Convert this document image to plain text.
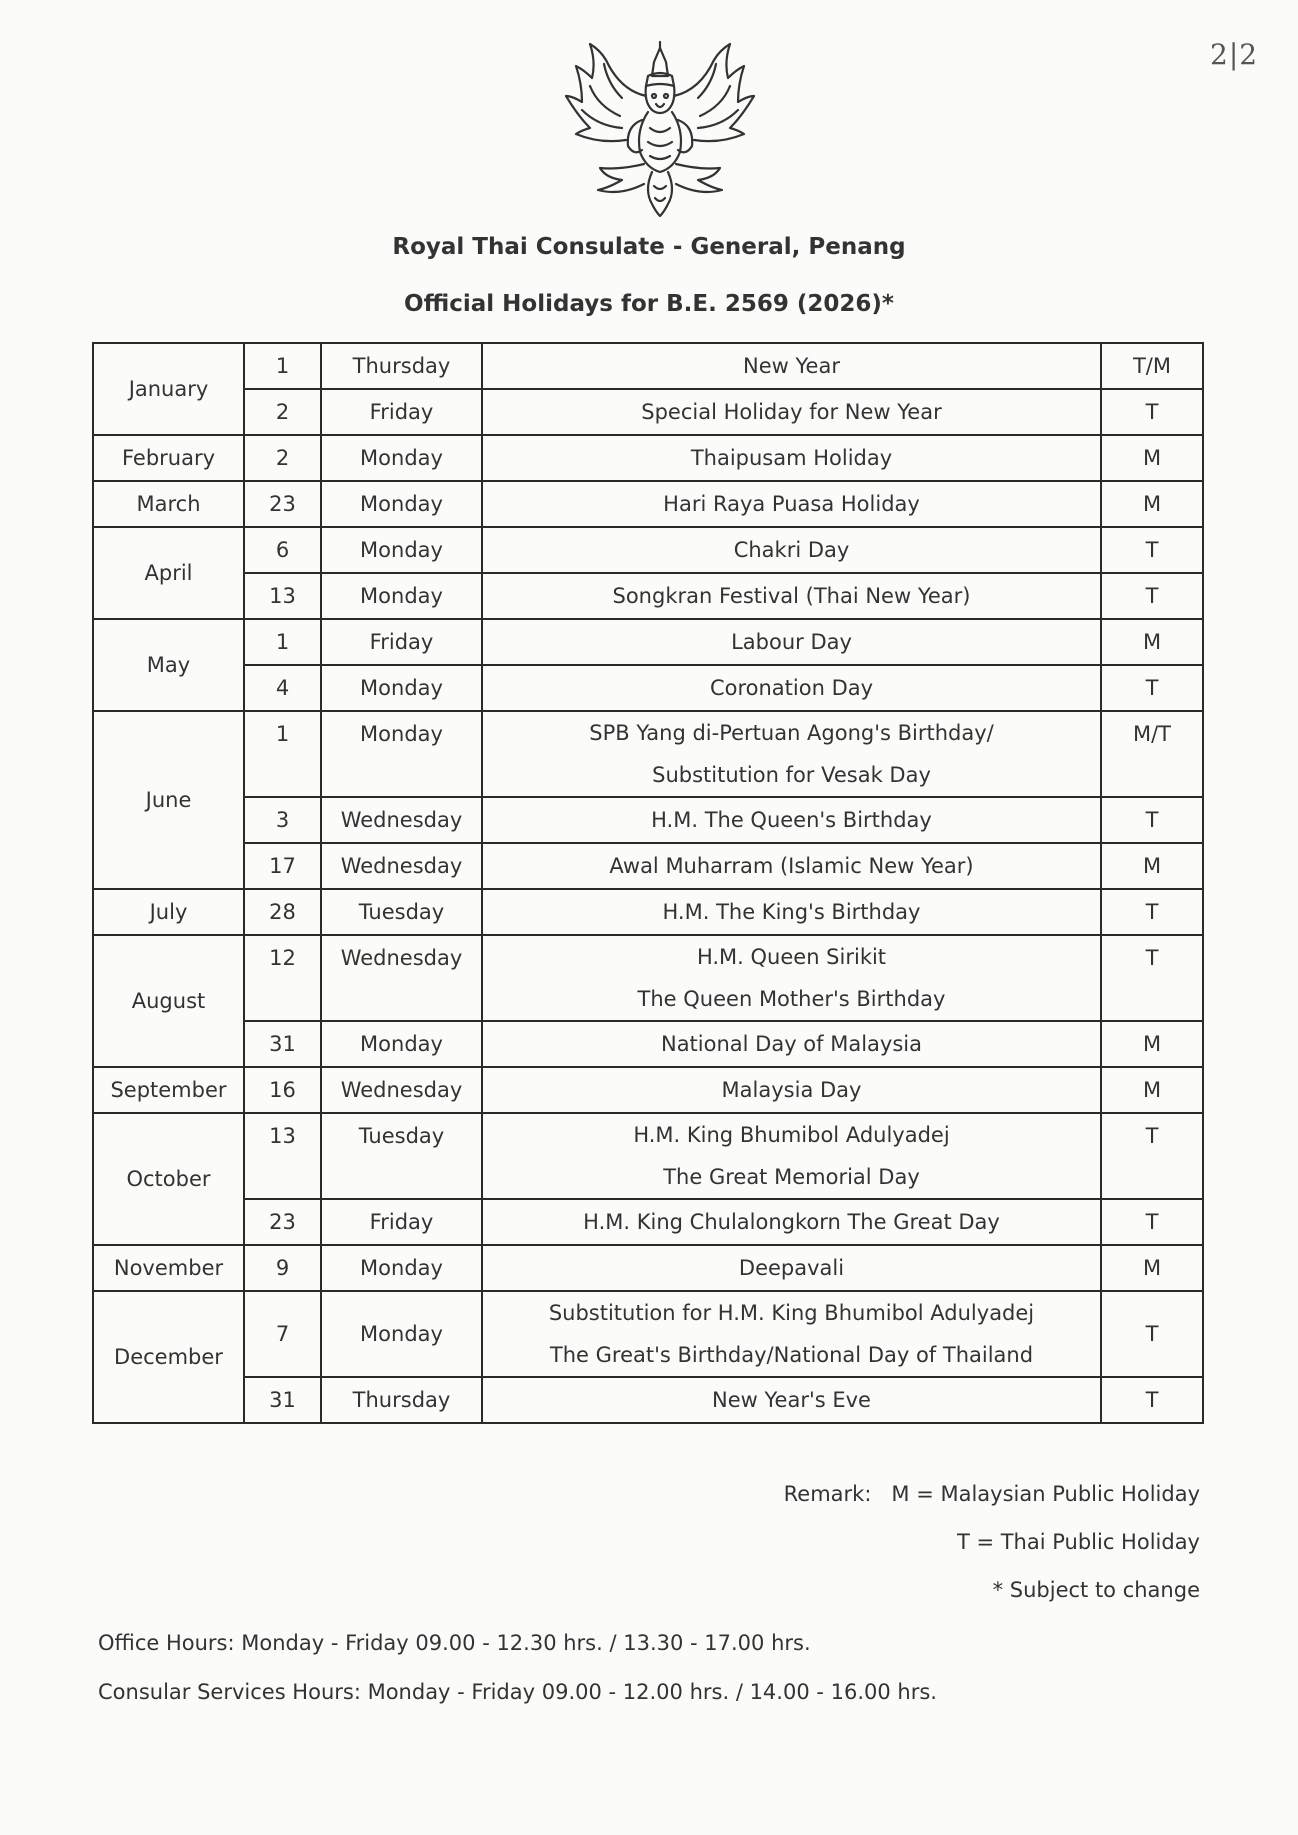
2|2
Royal Thai Consulate - General, Penang
Official Holidays for B.E. 2569 (2026)*
January	1	Thursday	New Year	T/M
	2	Friday	Special Holiday for New Year	T
February	2	Monday	Thaipusam Holiday	M
March	23	Monday	Hari Raya Puasa Holiday	M
April	6	Monday	Chakri Day	T
	13	Monday	Songkran Festival (Thai New Year)	T
May	1	Friday	Labour Day	M
	4	Monday	Coronation Day	T
June	1	Monday	SPB Yang di-Pertuan Agong's Birthday/
Substitution for Vesak Day	M/T
	3	Wednesday	H.M. The Queen's Birthday	T
	17	Wednesday	Awal Muharram (Islamic New Year)	M
July	28	Tuesday	H.M. The King's Birthday	T
August	12	Wednesday	H.M. Queen Sirikit
The Queen Mother's Birthday	T
	31	Monday	National Day of Malaysia	M
September	16	Wednesday	Malaysia Day	M
October	13	Tuesday	H.M. King Bhumibol Adulyadej
The Great Memorial Day	T
	23	Friday	H.M. King Chulalongkorn The Great Day	T
November	9	Monday	Deepavali	M
December	7	Monday	Substitution for H.M. King Bhumibol Adulyadej
The Great's Birthday/National Day of Thailand	T
	31	Thursday	New Year's Eve	T
Remark: M = Malaysian Public Holiday
T = Thai Public Holiday
* Subject to change
Office Hours: Monday - Friday 09.00 - 12.30 hrs. / 13.30 - 17.00 hrs.
Consular Services Hours: Monday - Friday 09.00 - 12.00 hrs. / 14.00 - 16.00 hrs.
